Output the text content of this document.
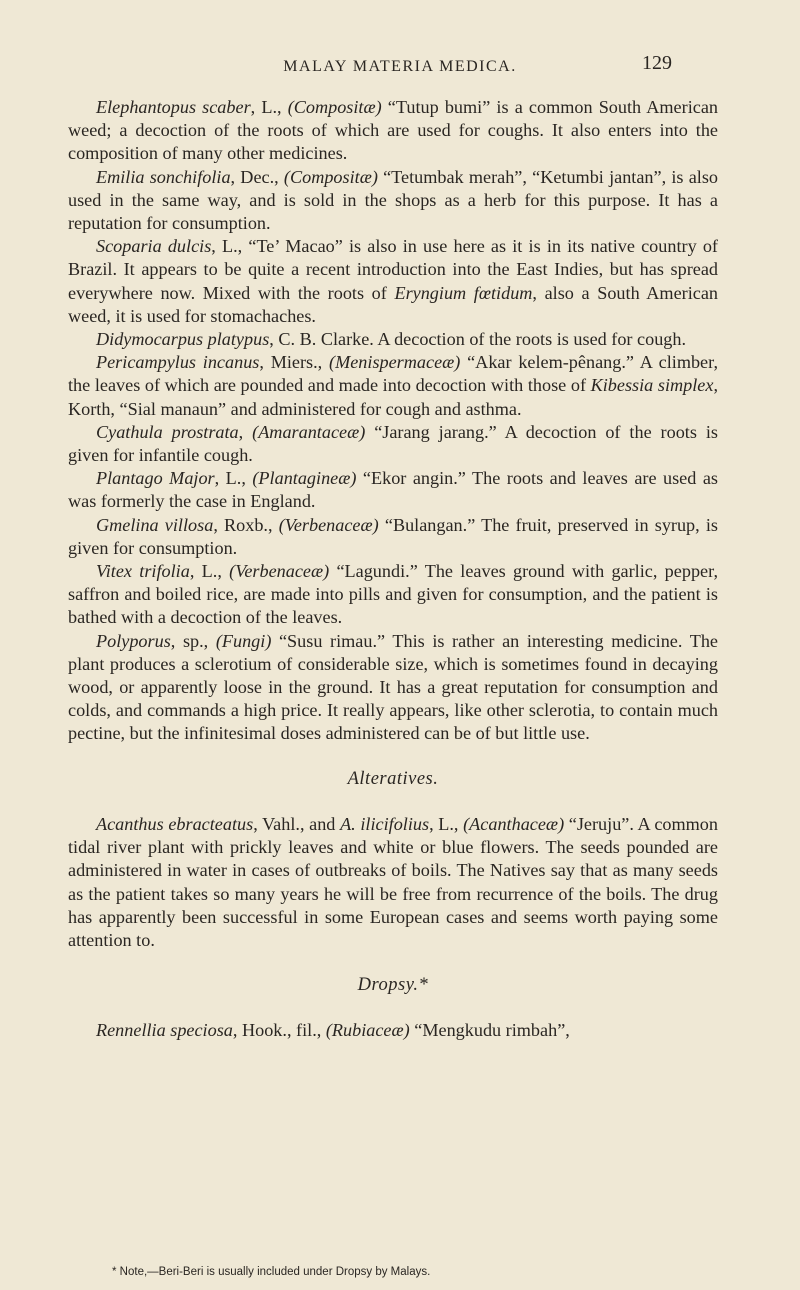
MALAY MATERIA MEDICA.	129

Elephantopus scaber, L., (Compositæ) “Tutup bumi” is a common South American weed; a decoction of the roots of which are used for coughs. It also enters into the composition of many other medicines.

Emilia sonchifolia, Dec., (Compositæ) “Tetumbak merah”, “Ketumbi jantan”, is also used in the same way, and is sold in the shops as a herb for this purpose. It has a reputation for consumption.

Scoparia dulcis, L., “Te’ Macao” is also in use here as it is in its native country of Brazil. It appears to be quite a recent introduction into the East Indies, but has spread everywhere now. Mixed with the roots of Eryngium fœtidum, also a South American weed, it is used for stomachaches.

Didymocarpus platypus, C. B. Clarke. A decoction of the roots is used for cough.

Pericampylus incanus, Miers., (Menispermaceæ) “Akar kelem-pênang.” A climber, the leaves of which are pounded and made into decoction with those of Kibessia simplex, Korth, “Sial manaun” and administered for cough and asthma.

Cyathula prostrata, (Amarantaceæ) “Jarang jarang.” A decoction of the roots is given for infantile cough.

Plantago Major, L., (Plantagineæ) “Ekor angin.” The roots and leaves are used as was formerly the case in England.

Gmelina villosa, Roxb., (Verbenaceæ) “Bulangan.” The fruit, preserved in syrup, is given for consumption.

Vitex trifolia, L., (Verbenaceæ) “Lagundi.” The leaves ground with garlic, pepper, saffron and boiled rice, are made into pills and given for consumption, and the patient is bathed with a decoction of the leaves.

Polyporus, sp., (Fungi) “Susu rimau.” This is rather an interesting medicine. The plant produces a sclerotium of considerable size, which is sometimes found in decaying wood, or apparently loose in the ground. It has a great reputation for consumption and colds, and commands a high price. It really appears, like other sclerotia, to contain much pectine, but the infinitesimal doses administered can be of but little use.

Alteratives.

Acanthus ebracteatus, Vahl., and A. ilicifolius, L., (Acanthaceæ) “Jeruju”. A common tidal river plant with prickly leaves and white or blue flowers. The seeds pounded are administered in water in cases of outbreaks of boils. The Natives say that as many seeds as the patient takes so many years he will be free from recurrence of the boils. The drug has apparently been successful in some European cases and seems worth paying some attention to.

Dropsy.*

Rennellia speciosa, Hook., fil., (Rubiaceæ) “Mengkudu rimbah”,

* Note,—Beri-Beri is usually included under Dropsy by Malays.
